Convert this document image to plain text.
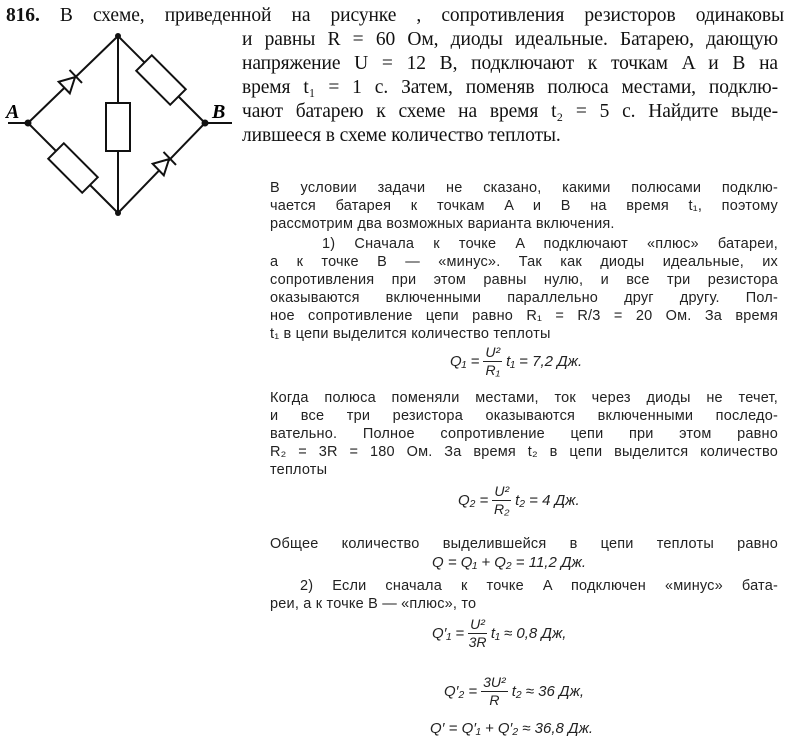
816. В схеме, приведенной на рисунке , сопротивления резисторов одинаковы
и равны R = 60 Ом, диоды идеальные. Батарею, дающую
напряжение U = 12 В, подключают к точкам A и B на
время t₁ = 1 с. Затем, поменяв полюса местами, подклю-
чают батарею к схеме на время t₂ = 5 с. Найдите выде-
лившееся в схеме количество теплоты.
A	B
В условии задачи не сказано, какими полюсами подклю-
чается батарея к точкам A и B на время t₁, поэтому
рассмотрим два возможных варианта включения.
1) Сначала к точке A подключают «плюс» батареи,
а к точке B — «минус». Так как диоды идеальные, их
сопротивления при этом равны нулю, и все три резистора
оказываются включенными параллельно друг другу. Пол-
ное сопротивление цепи равно R₁ = R/3 = 20 Ом. За время
t₁ в цепи выделится количество теплоты
$Q_1 = \frac{\text{U²}}{\text{R₁}} t_1 = 7,2$ Дж.
Когда полюса поменяли местами, ток через диоды не течет,
и все три резистора оказываются включенными последо-
вательно. Полное сопротивление цепи при этом равно
R₂ = 3R = 180 Ом. За время t₂ в цепи выделится количество
теплоты
$Q_2 = \frac{\text{U²}}{\text{R₂}} t_2 = 4$ Дж.
Общее количество выделившейся в цепи теплоты равно
Q = Q₁ + Q₂ = 11,2 Дж.
2) Если сначала к точке A подключен «минус» бата-
реи, а к точке B — «плюс», то
$Q'_1 = \frac{\text{U²}}{3R} t_1 \approx 0,8$ Дж,
$Q'_2 = \frac{\text{3U²}}{R} t_2 \approx 36$ Дж,
Q′ = Q′₁ + Q′₂ ≈ 36,8 Дж.
